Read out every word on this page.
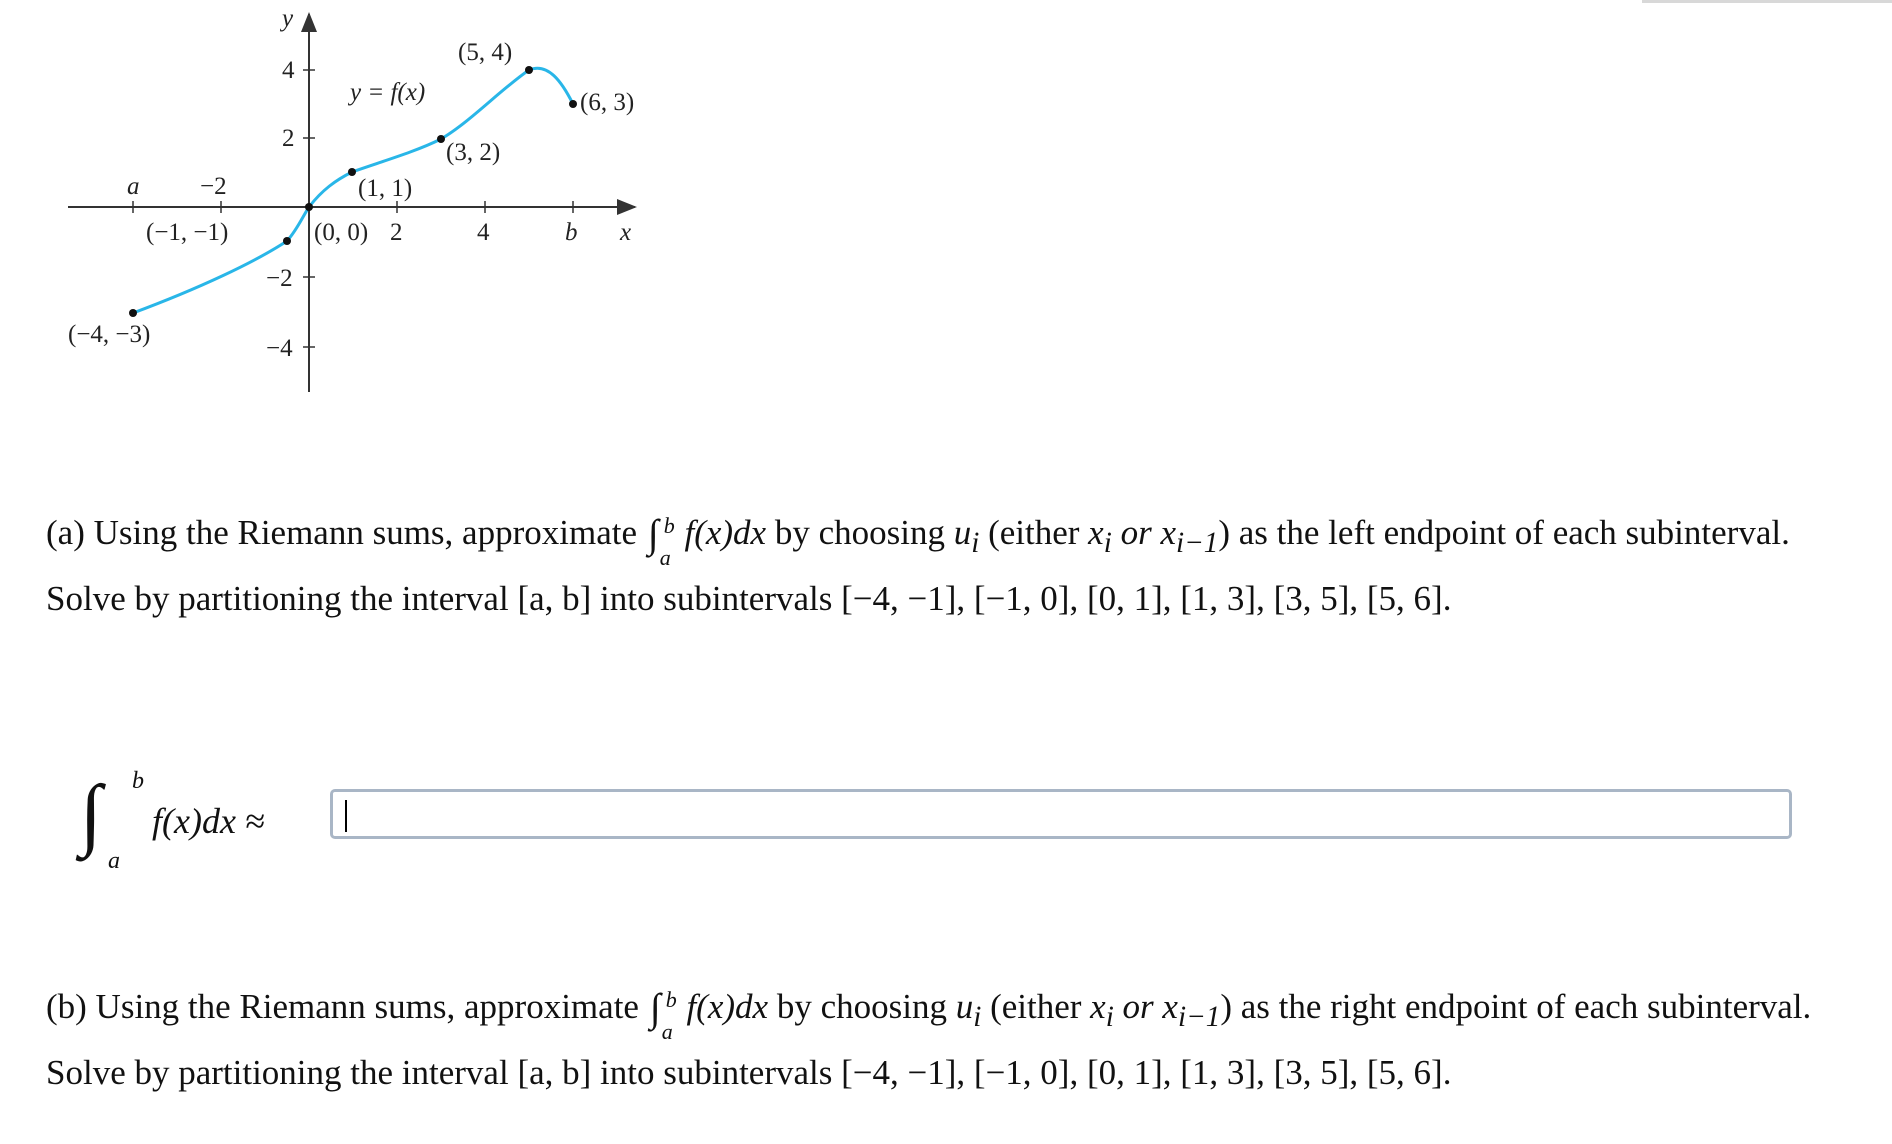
y
x
y = f(x)
4
2
−2
−4
a −2
2	4	b
(−4, −3)
(−1, −1)	(0, 0)
(1, 1)
(3, 2)
(5, 4)
(6, 3)
(a) Using the Riemann sums, approximate ∫ b
a
f(x)dx by choosing $u_i$ (either $x_i$ or $x_{i-1}$) as the left endpoint of each subinterval. Solve by partitioning the interval [a, b] into subintervals [−4, −1], [−1, 0], [0, 1], [1, 3], [3, 5], [5, 6].
∫ b
a
f(x)dx ≈
(b) Using the Riemann sums, approximate ∫ b
a
f(x)dx by choosing $u_i$ (either $x_i$ or $x_{i-1}$) as the right endpoint of each subinterval. Solve by partitioning the interval [a, b] into subintervals [−4, −1], [−1, 0], [0, 1], [1, 3], [3, 5], [5, 6].
